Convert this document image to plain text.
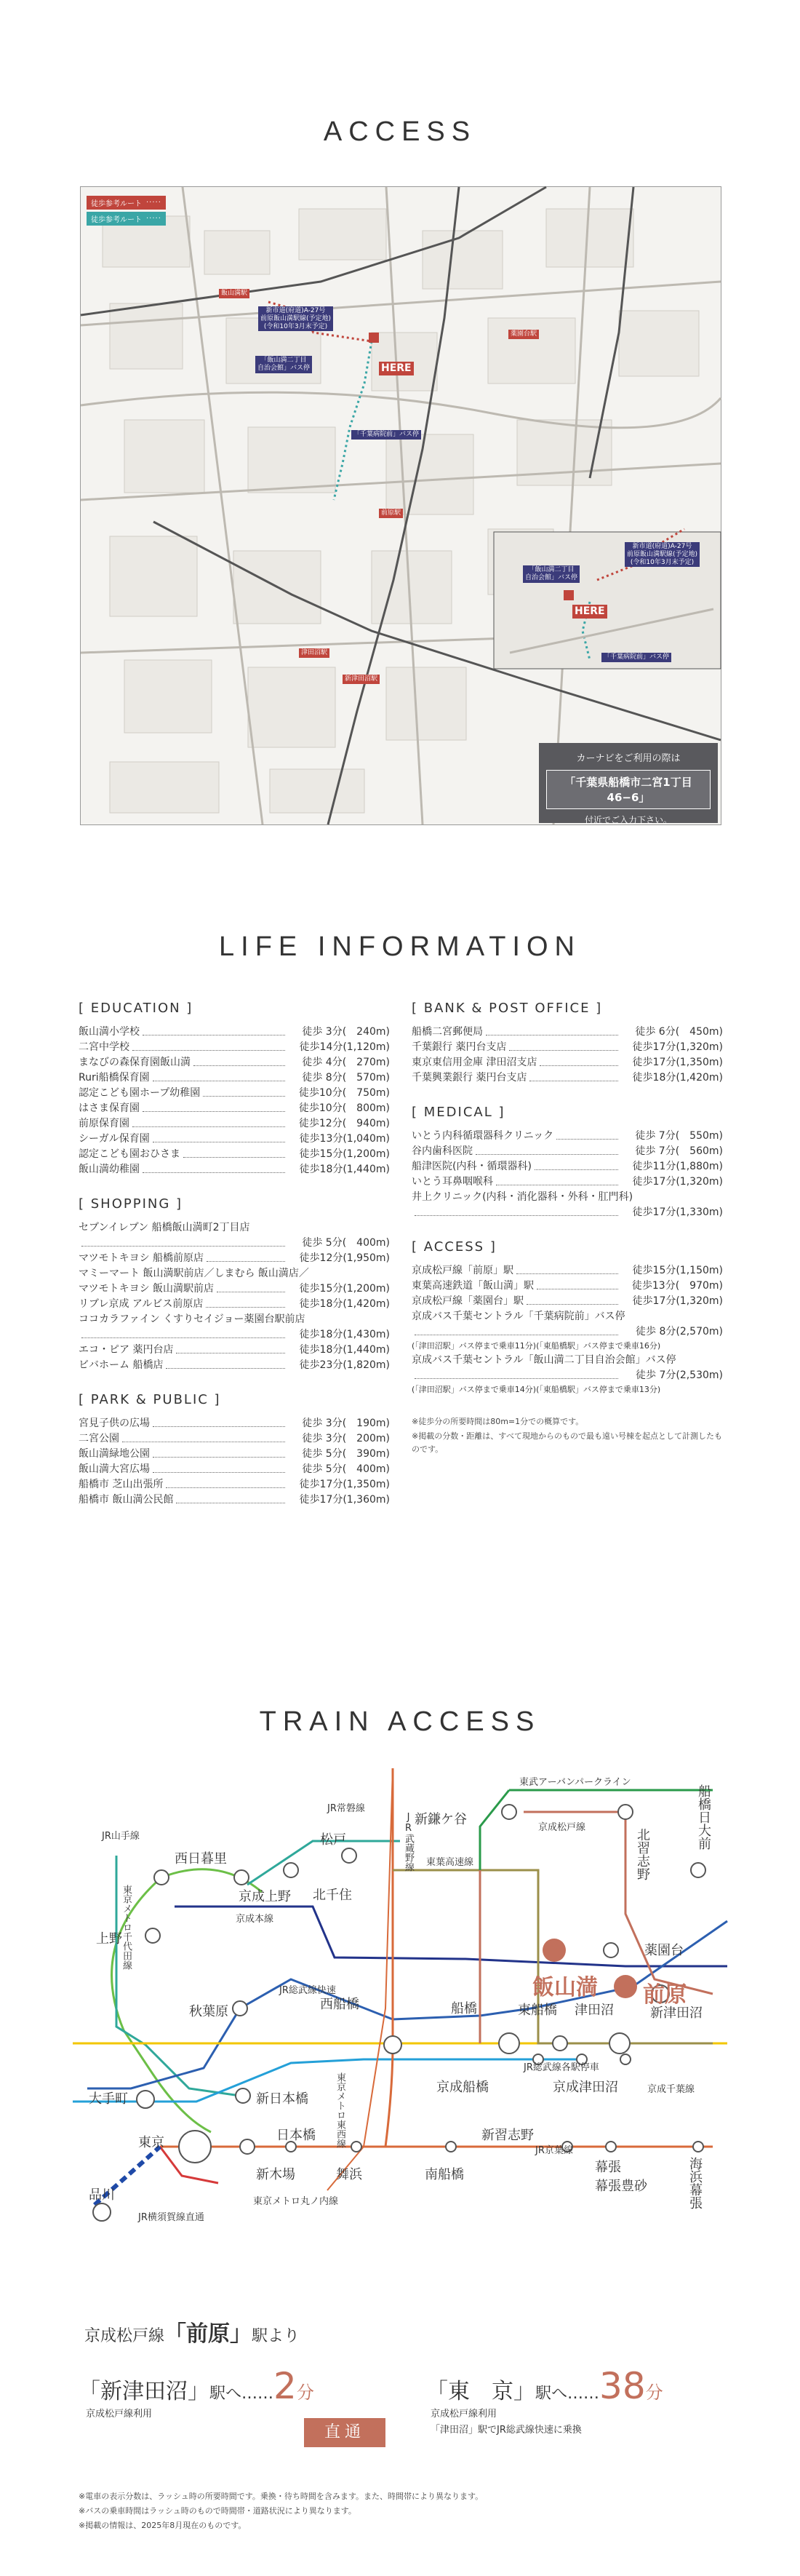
ACCESS
徒歩参考ルート ·····
徒歩参考ルート ·····
飯山満駅
新津田沼駅
津田沼駅
薬園台駅
前原駅
HERE
「飯山満二丁目
自治会館」バス停
「千葉病院前」バス停
新市道(府道)A-27号
前原飯山満駅線(予定地)
(令和10年3月末予定)
新市道(府道)A-27号
前原飯山満駅線(予定地)
(令和10年3月末予定)
「飯山満二丁目
自治会館」バス停
HERE
「千葉病院前」バス停
カーナビをご利用の際は
「千葉県船橋市二宮1丁目46−6」
付近でご入力下さい。
※周辺は、上記付近となります。撮影により状況が異なる場合がございます。
LIFE INFORMATION
[ EDUCATION ]
飯山満小学校	徒歩 3分(　240m)
二宮中学校	徒歩14分(1,120m)
まなびの森保育園飯山満	徒歩 4分(　270m)
Ruri船橋保育園	徒歩 8分(　570m)
認定こども園ホープ幼稚園	徒歩10分(　750m)
はさま保育園	徒歩10分(　800m)
前原保育園	徒歩12分(　940m)
シーガル保育園	徒歩13分(1,040m)
認定こども園おひさま	徒歩15分(1,200m)
飯山満幼稚園	徒歩18分(1,440m)
[ SHOPPING ]
セブンイレブン 船橋飯山満町2丁目店
徒歩 5分(　400m)
マツモトキヨシ 船橋前原店	徒歩12分(1,950m)
マミーマート 飯山満駅前店／しまむら 飯山満店／
マツモトキヨシ 飯山満駅前店	徒歩15分(1,200m)
リブレ京成 アルビス前原店	徒歩18分(1,420m)
ココカラファイン くすりセイジョー薬園台駅前店
徒歩18分(1,430m)
エコ・ピア 薬円台店	徒歩18分(1,440m)
ビバホーム 船橋店	徒歩23分(1,820m)
[ PARK & PUBLIC ]
宮見子供の広場	徒歩 3分(　190m)
二宮公園	徒歩 3分(　200m)
飯山満緑地公園	徒歩 5分(　390m)
飯山満大宮広場	徒歩 5分(　400m)
船橋市 芝山出張所	徒歩17分(1,350m)
船橋市 飯山満公民館	徒歩17分(1,360m)
[ BANK & POST OFFICE ]
船橋二宮郵便局	徒歩 6分(　450m)
千葉銀行 薬円台支店	徒歩17分(1,320m)
東京東信用金庫 津田沼支店	徒歩17分(1,350m)
千葉興業銀行 薬円台支店	徒歩18分(1,420m)
[ MEDICAL ]
いとう内科循環器科クリニック	徒歩 7分(　550m)
谷内歯科医院	徒歩 7分(　560m)
船津医院(内科・循環器科)	徒歩11分(1,880m)
いとう耳鼻咽喉科	徒歩17分(1,320m)
井上クリニック(内科・消化器科・外科・肛門科)
徒歩17分(1,330m)
[ ACCESS ]
京成松戸線「前原」駅	徒歩15分(1,150m)
東葉高速鉄道「飯山満」駅	徒歩13分(　970m)
京成松戸線「薬園台」駅	徒歩17分(1,320m)
京成バス千葉セントラル「千葉病院前」バス停
徒歩 8分(2,570m)
(「津田沼駅」バス停まで乗車11分)(「東船橋駅」バス停まで乗車16分)
京成バス千葉セントラル「飯山満二丁目自治会館」バス停
徒歩 7分(2,530m)
(「津田沼駅」バス停まで乗車14分)(「東船橋駅」バス停まで乗車13分)
※徒歩分の所要時間は80m=1分での概算です。
※掲載の分数・距離は、すべて現地からのもので最も遠い号棟を起点として計測したものです。
TRAIN ACCESS
西日暮里
上野
京成上野 北千住
松戸
秋葉原
大手町
東京
品川
新日本橋
日本橋
新木場	舞浜	南船橋
西船橋	船橋	東船橋
京成船橋
津田沼
京成津田沼
新津田沼
新習志野
幕張
幕張豊砂	海浜幕張
新鎌ケ谷
北習志野
船橋日大前
薬園台
飯山満 前原
JR山手線
東京メトロ千代田線
JR常磐線
JR武蔵野線
京成本線
JR総武線快速
東京メトロ東西線
東葉高速線
京成松戸線
東武アーバンパークライン
JR総武線各駅停車
京成千葉線
JR京葉線
東京メトロ丸ノ内線
JR横須賀線直通
京成松戸線「前原」駅より
「新津田沼」駅へ……2分
京成松戸線利用
直通
「東　京」駅へ……38分
京成松戸線利用
「津田沼」駅でJR総武線快速に乗換
※電車の表示分数は、ラッシュ時の所要時間です。乗換・待ち時間を含みます。また、時間帯により異なります。
※バスの乗車時間はラッシュ時のもので時間帯・道路状況により異なります。
※掲載の情報は、2025年8月現在のものです。
